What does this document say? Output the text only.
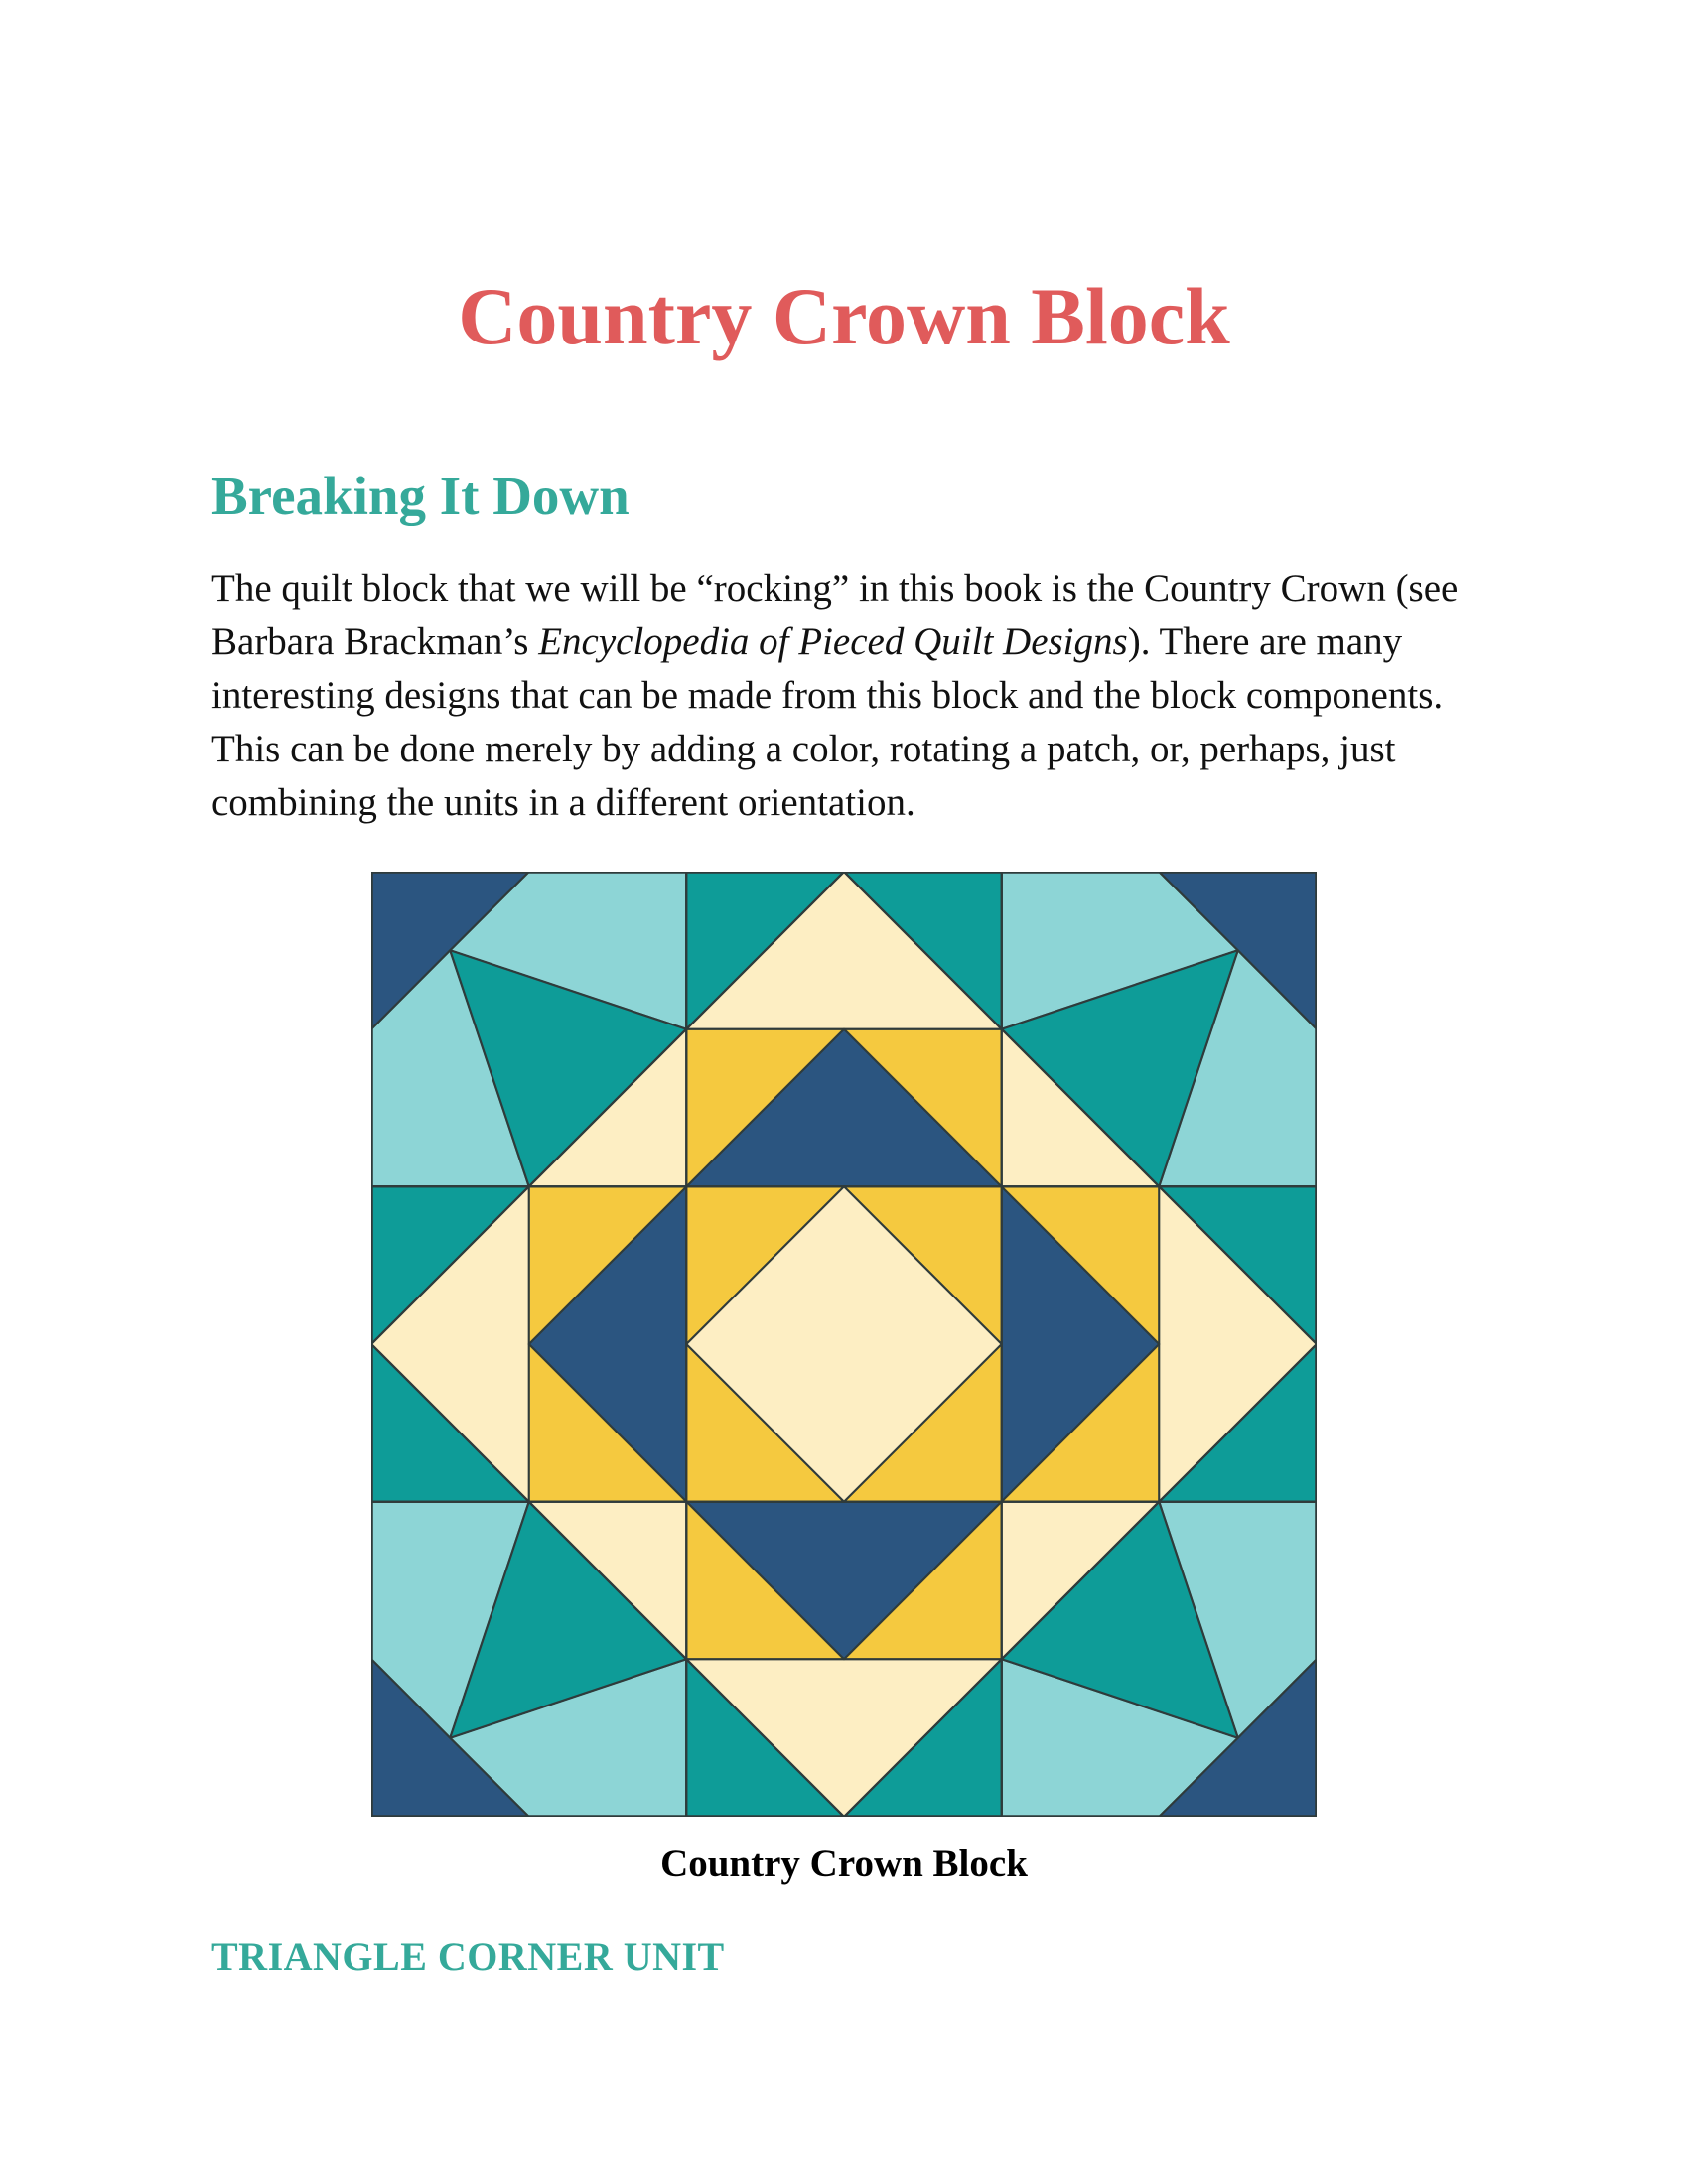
Country Crown Block
Breaking It Down

The quilt block that we will be “rocking” in this book is the Country Crown (see Barbara Brackman’s Encyclopedia of Pieced Quilt Designs). There are many interesting designs that can be made from this block and the block components. This can be done merely by adding a color, rotating a patch, or, perhaps, just combining the units in a different orientation.

Country Crown Block

TRIANGLE CORNER UNIT
